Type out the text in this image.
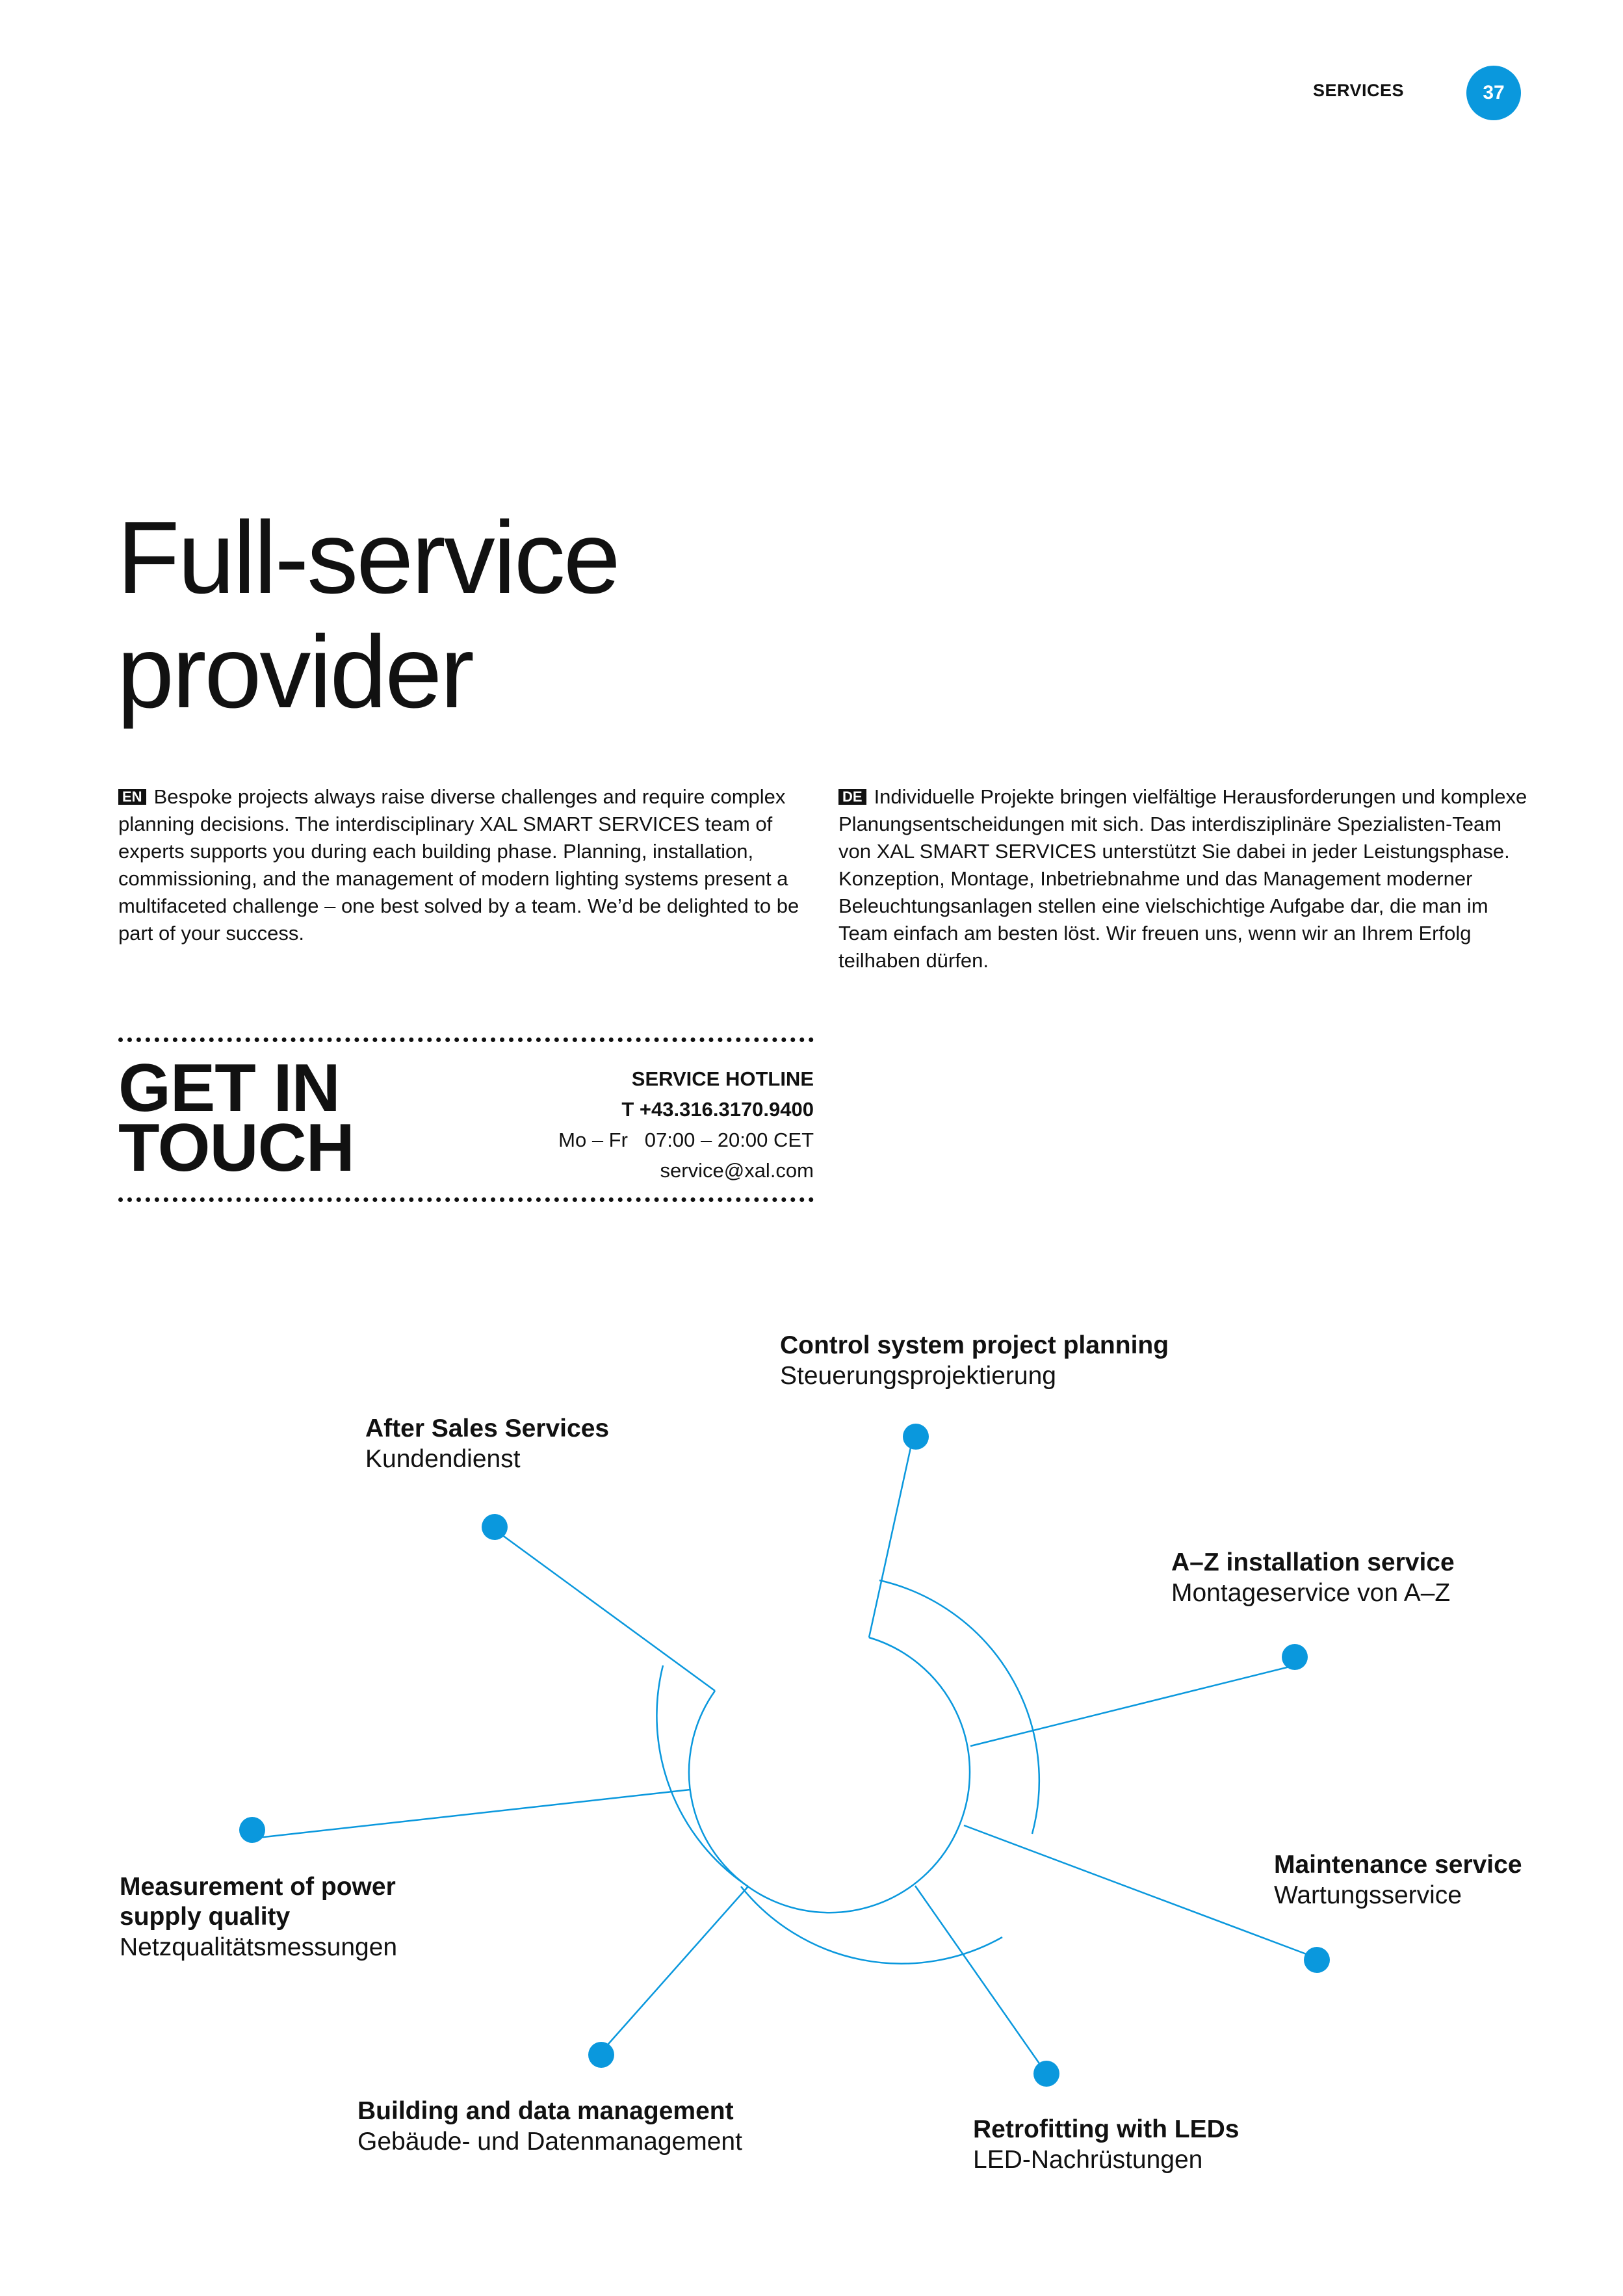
SERVICES	37
Full-service
provider

EN Bespoke projects always raise diverse challenges and require complex planning decisions. The interdisciplinary XAL SMART SERVICES team of experts supports you during each building phase. Planning, installation, commissioning, and the management of modern lighting systems present a multifaceted challenge – one best solved by a team. We’d be delighted to be part of your success.

DE Individuelle Projekte bringen vielfältige Herausforderungen und komplexe Planungsentscheidungen mit sich. Das interdisziplinäre Spezialisten-Team von XAL SMART SERVICES unterstützt Sie dabei in jeder Leistungsphase. Konzeption, Montage, Inbetriebnahme und das Management moderner Beleuchtungsanlagen stellen eine vielschichtige Aufgabe dar, die man im Team einfach am besten löst. Wir freuen uns, wenn wir an Ihrem Erfolg teilhaben dürfen.

GET IN
TOUCH
SERVICE HOTLINE
T +43.316.3170.9400
Mo – Fr   07:00 – 20:00 CET
service@xal.com
Control system project planning
Steuerungsprojektierung
After Sales Services
Kundendienst
A–Z installation service
Montageservice von A–Z
Measurement of power supply quality
Netzqualitätsmessungen
Maintenance service
Wartungsservice
Building and data management
Gebäude- und Datenmanagement	Retrofitting with LEDs
LED-Nachrüstungen
